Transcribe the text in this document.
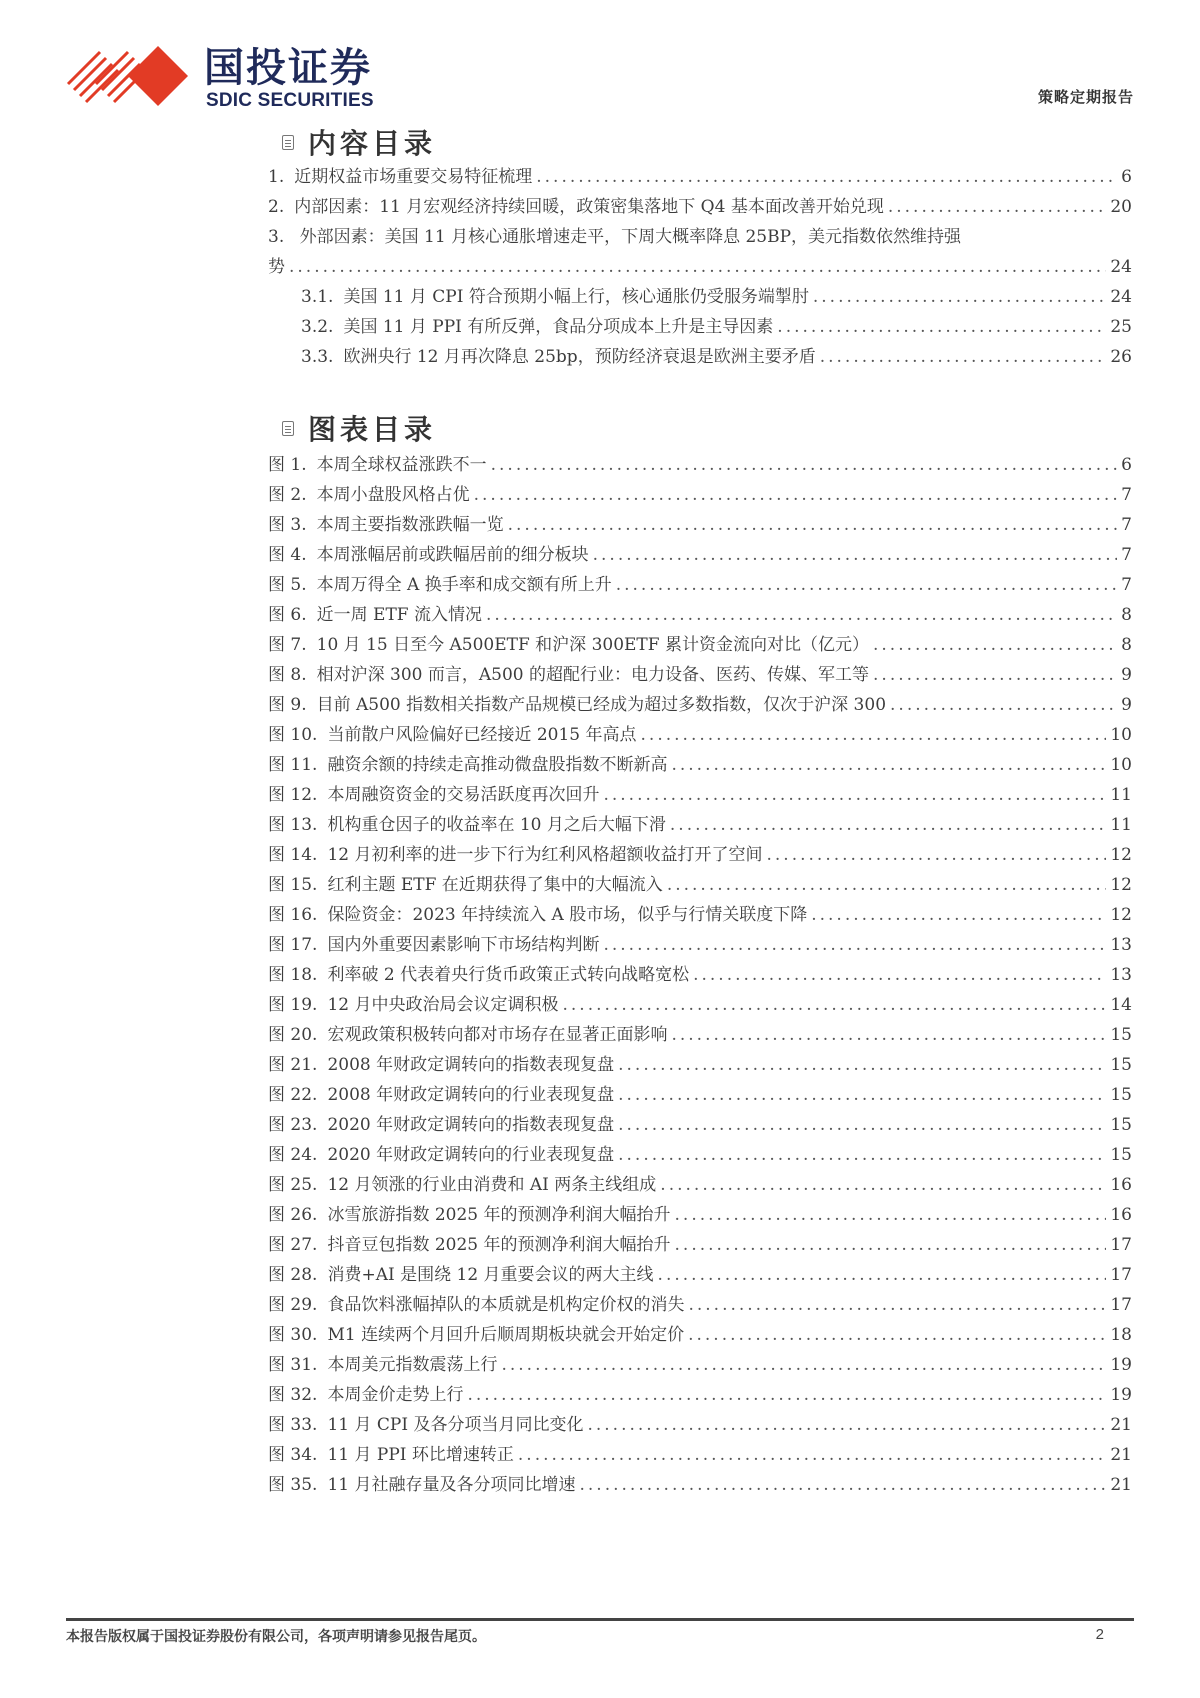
国投证券
SDIC SECURITIES	策略定期报告
内容目录
1. 近期权益市场重要交易特征梳理 .....	6
2. 内部因素：11 月宏观经济持续回暖，政策密集落地下 Q4 基本面改善开始兑现 .....	20
3. 外部因素：美国 11 月核心通胀增速走平，下周大概率降息 25BP，美元指数依然维持强
势 .....	24
3.1. 美国 11 月 CPI 符合预期小幅上行，核心通胀仍受服务端掣肘 .....	24
3.2. 美国 11 月 PPI 有所反弹，食品分项成本上升是主导因素 .....	25
3.3. 欧洲央行 12 月再次降息 25bp，预防经济衰退是欧洲主要矛盾 .....	26
图表目录
图 1. 本周全球权益涨跌不一 .....	6
图 2. 本周小盘股风格占优 .....	7
图 3. 本周主要指数涨跌幅一览 .....	7
图 4. 本周涨幅居前或跌幅居前的细分板块 .....	7
图 5. 本周万得全 A 换手率和成交额有所上升 .....	7
图 6. 近一周 ETF 流入情况 .....	8
图 7. 10 月 15 日至今 A500ETF 和沪深 300ETF 累计资金流向对比（亿元） .....	8
图 8. 相对沪深 300 而言，A500 的超配行业：电力设备、医药、传媒、军工等 .....	9
图 9. 目前 A500 指数相关指数产品规模已经成为超过多数指数，仅次于沪深 300 .....	9
图 10. 当前散户风险偏好已经接近 2015 年高点 .....	10
图 11. 融资余额的持续走高推动微盘股指数不断新高 .....	10
图 12. 本周融资资金的交易活跃度再次回升 .....	11
图 13. 机构重仓因子的收益率在 10 月之后大幅下滑 .....	11
图 14. 12 月初利率的进一步下行为红利风格超额收益打开了空间 .....	12
图 15. 红利主题 ETF 在近期获得了集中的大幅流入 .....	12
图 16. 保险资金：2023 年持续流入 A 股市场，似乎与行情关联度下降 .....	12
图 17. 国内外重要因素影响下市场结构判断 .....	13
图 18. 利率破 2 代表着央行货币政策正式转向战略宽松 .....	13
图 19. 12 月中央政治局会议定调积极 .....	14
图 20. 宏观政策积极转向都对市场存在显著正面影响 .....	15
图 21. 2008 年财政定调转向的指数表现复盘 .....	15
图 22. 2008 年财政定调转向的行业表现复盘 .....	15
图 23. 2020 年财政定调转向的指数表现复盘 .....	15
图 24. 2020 年财政定调转向的行业表现复盘 .....	15
图 25. 12 月领涨的行业由消费和 AI 两条主线组成 .....	16
图 26. 冰雪旅游指数 2025 年的预测净利润大幅抬升 .....	16
图 27. 抖音豆包指数 2025 年的预测净利润大幅抬升 .....	17
图 28. 消费+AI 是围绕 12 月重要会议的两大主线 .....	17
图 29. 食品饮料涨幅掉队的本质就是机构定价权的消失 .....	17
图 30. M1 连续两个月回升后顺周期板块就会开始定价 .....	18
图 31. 本周美元指数震荡上行 .....	19
图 32. 本周金价走势上行 .....	19
图 33. 11 月 CPI 及各分项当月同比变化 .....	21
图 34. 11 月 PPI 环比增速转正 .....	21
图 35. 11 月社融存量及各分项同比增速 .....	21
本报告版权属于国投证券股份有限公司，各项声明请参见报告尾页。	2
